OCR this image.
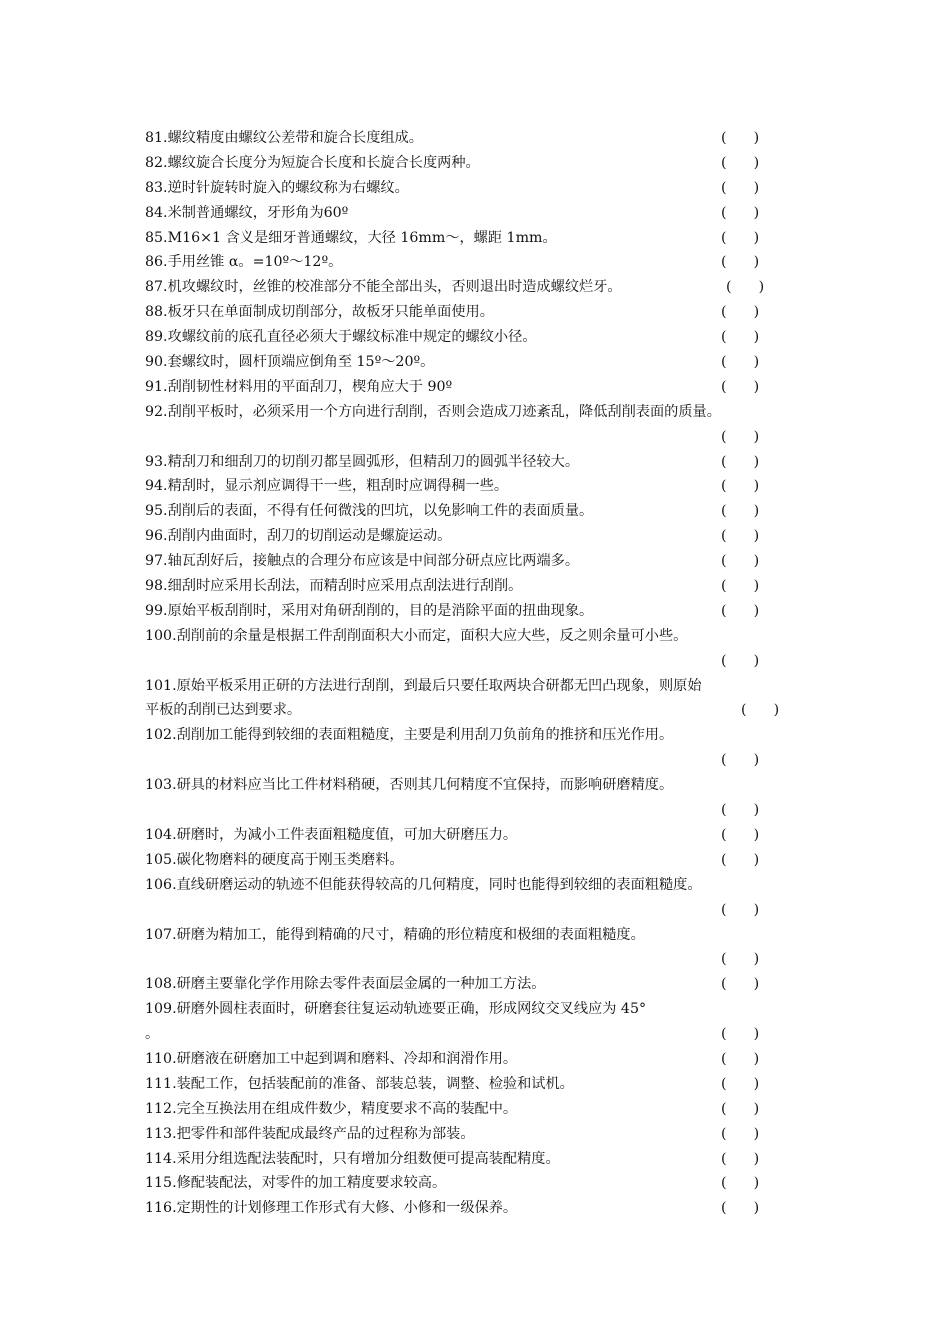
81.螺纹精度由螺纹公差带和旋合长度组成。	(      )
82.螺纹旋合长度分为短旋合长度和长旋合长度两种。	(      )
83.逆时针旋转时旋入的螺纹称为右螺纹。	(      )
84.米制普通螺纹，牙形角为60º	(      )
85.M16×1 含义是细牙普通螺纹，大径 16mm～，螺距 1mm。	(      )
86.手用丝锥 α。=10º～12º。	(      )
87.机攻螺纹时，丝锥的校准部分不能全部出头，否则退出时造成螺纹烂牙。	(      )
88.板牙只在单面制成切削部分，故板牙只能单面使用。	(      )
89.攻螺纹前的底孔直径必须大于螺纹标准中规定的螺纹小径。	(      )
90.套螺纹时，圆杆顶端应倒角至 15º～20º。	(      )
91.刮削韧性材料用的平面刮刀，楔角应大于 90º	(      )
92.刮削平板时，必须采用一个方向进行刮削，否则会造成刀迹紊乱，降低刮削表面的质量。
(      )
93.精刮刀和细刮刀的切削刃都呈圆弧形，但精刮刀的圆弧半径较大。	(      )
94.精刮时，显示剂应调得干一些，粗刮时应调得稠一些。	(      )
95.刮削后的表面，不得有任何微浅的凹坑，以免影响工件的表面质量。	(      )
96.刮削内曲面时，刮刀的切削运动是螺旋运动。	(      )
97.轴瓦刮好后，接触点的合理分布应该是中间部分研点应比两端多。	(      )
98.细刮时应采用长刮法，而精刮时应采用点刮法进行刮削。	(      )
99.原始平板刮削时，采用对角研刮削的，目的是消除平面的扭曲现象。	(      )
100.刮削前的余量是根据工件刮削面积大小而定，面积大应大些，反之则余量可小些。
(      )
101.原始平板采用正研的方法进行刮削，到最后只要任取两块合研都无凹凸现象，则原始
平板的刮削已达到要求。	(      )
102.刮削加工能得到较细的表面粗糙度，主要是利用刮刀负前角的推挤和压光作用。
(      )
103.研具的材料应当比工件材料稍硬，否则其几何精度不宜保持，而影响研磨精度。
(      )
104.研磨时，为减小工件表面粗糙度值，可加大研磨压力。	(      )
105.碳化物磨料的硬度高于刚玉类磨料。	(      )
106.直线研磨运动的轨迹不但能获得较高的几何精度，同时也能得到较细的表面粗糙度。
(      )
107.研磨为精加工，能得到精确的尺寸，精确的形位精度和极细的表面粗糙度。
(      )
108.研磨主要靠化学作用除去零件表面层金属的一种加工方法。	(      )
109.研磨外圆柱表面时，研磨套往复运动轨迹要正确，形成网纹交叉线应为 45°
。	(      )
110.研磨液在研磨加工中起到调和磨料、冷却和润滑作用。	(      )
111.装配工作，包括装配前的准备、部装总装，调整、检验和试机。	(      )
112.完全互换法用在组成件数少，精度要求不高的装配中。	(      )
113.把零件和部件装配成最终产品的过程称为部装。	(      )
114.采用分组选配法装配时，只有增加分组数便可提高装配精度。	(      )
115.修配装配法，对零件的加工精度要求较高。	(      )
116.定期性的计划修理工作形式有大修、小修和一级保养。	(      )
